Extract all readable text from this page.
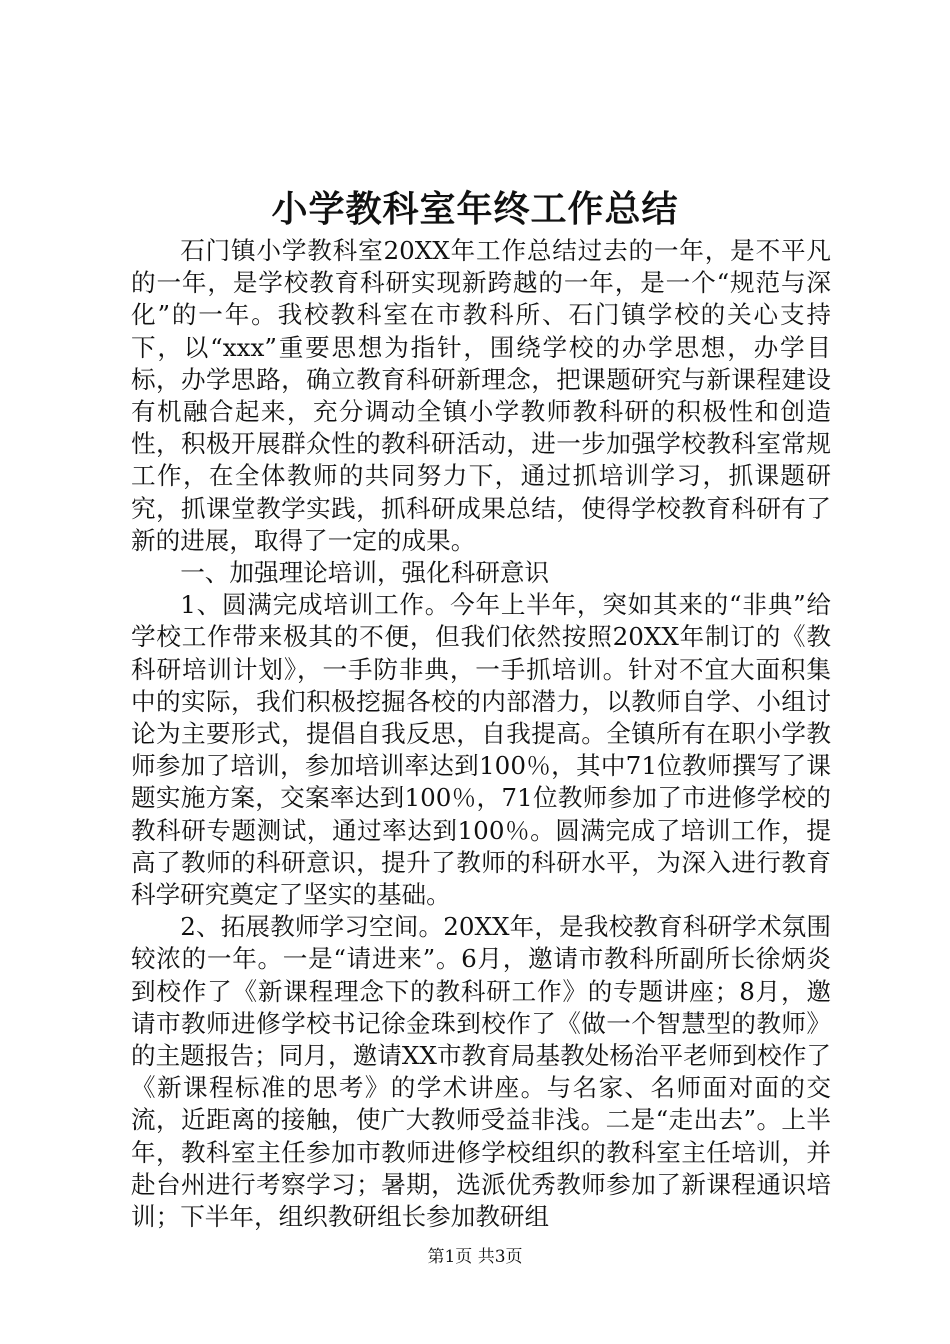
小学教科室年终工作总结

石门镇小学教科室20XX年工作总结过去的一年，是不平凡的一年，是学校教育科研实现新跨越的一年，是一个“规范与深化”的一年。我校教科室在市教科所、石门镇学校的关心支持下，以“xxx”重要思想为指针，围绕学校的办学思想，办学目标，办学思路，确立教育科研新理念，把课题研究与新课程建设有机融合起来，充分调动全镇小学教师教科研的积极性和创造性，积极开展群众性的教科研活动，进一步加强学校教科室常规工作，在全体教师的共同努力下，通过抓培训学习，抓课题研究，抓课堂教学实践，抓科研成果总结，使得学校教育科研有了新的进展，取得了一定的成果。

一、加强理论培训，强化科研意识

1、圆满完成培训工作。今年上半年，突如其来的“非典”给学校工作带来极其的不便，但我们依然按照20XX年制订的《教科研培训计划》，一手防非典，一手抓培训。针对不宜大面积集中的实际，我们积极挖掘各校的内部潜力，以教师自学、小组讨论为主要形式，提倡自我反思，自我提高。全镇所有在职小学教师参加了培训，参加培训率达到100％，其中71位教师撰写了课题实施方案，交案率达到100％，71位教师参加了市进修学校的教科研专题测试，通过率达到100％。圆满完成了培训工作，提高了教师的科研意识，提升了教师的科研水平，为深入进行教育科学研究奠定了坚实的基础。

2、拓展教师学习空间。20XX年，是我校教育科研学术氛围较浓的一年。一是“请进来”。6月，邀请市教科所副所长徐炳炎到校作了《新课程理念下的教科研工作》的专题讲座；8月，邀请市教师进修学校书记徐金珠到校作了《做一个智慧型的教师》的主题报告；同月，邀请XX市教育局基教处杨治平老师到校作了《新课程标准的思考》的学术讲座。与名家、名师面对面的交流，近距离的接触，使广大教师受益非浅。二是“走出去”。上半年，教科室主任参加市教师进修学校组织的教科室主任培训，并赴台州进行考察学习；暑期，选派优秀教师参加了新课程通识培训；下半年，组织教研组长参加教研组

第1页 共3页
